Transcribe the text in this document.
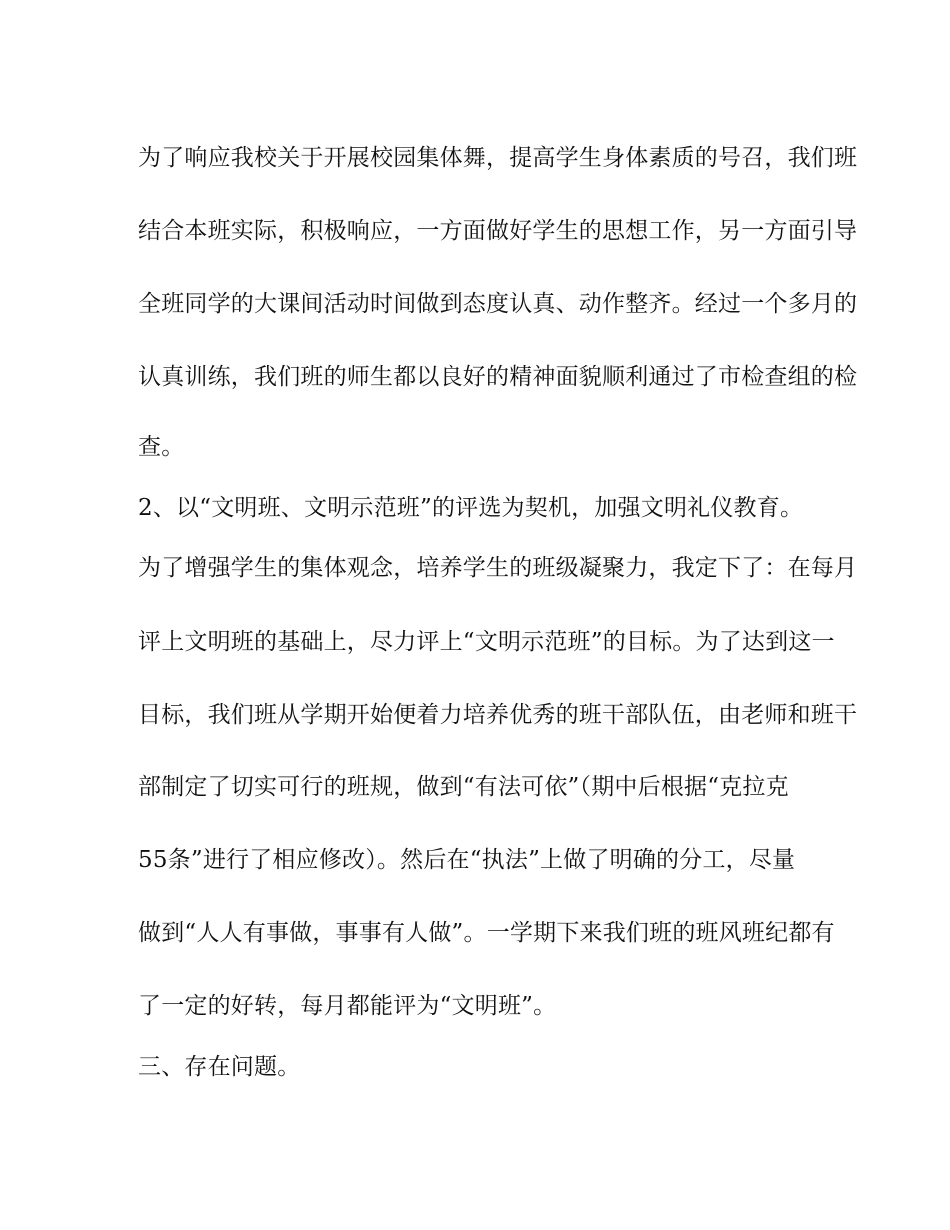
为了响应我校关于开展校园集体舞，提高学生身体素质的号召，我们班
结合本班实际，积极响应，一方面做好学生的思想工作，另一方面引导
全班同学的大课间活动时间做到态度认真、动作整齐。经过一个多月的
认真训练，我们班的师生都以良好的精神面貌顺利通过了市检查组的检
查。
2、以“文明班、文明示范班”的评选为契机，加强文明礼仪教育。
为了增强学生的集体观念，培养学生的班级凝聚力，我定下了：在每月
评上文明班的基础上，尽力评上“文明示范班”的目标。为了达到这一
目标，我们班从学期开始便着力培养优秀的班干部队伍，由老师和班干
部制定了切实可行的班规，做到“有法可依”（期中后根据“克拉克
55条”进行了相应修改）。然后在“执法”上做了明确的分工，尽量
做到“人人有事做，事事有人做”。一学期下来我们班的班风班纪都有
了一定的好转，每月都能评为“文明班”。
三、存在问题。
